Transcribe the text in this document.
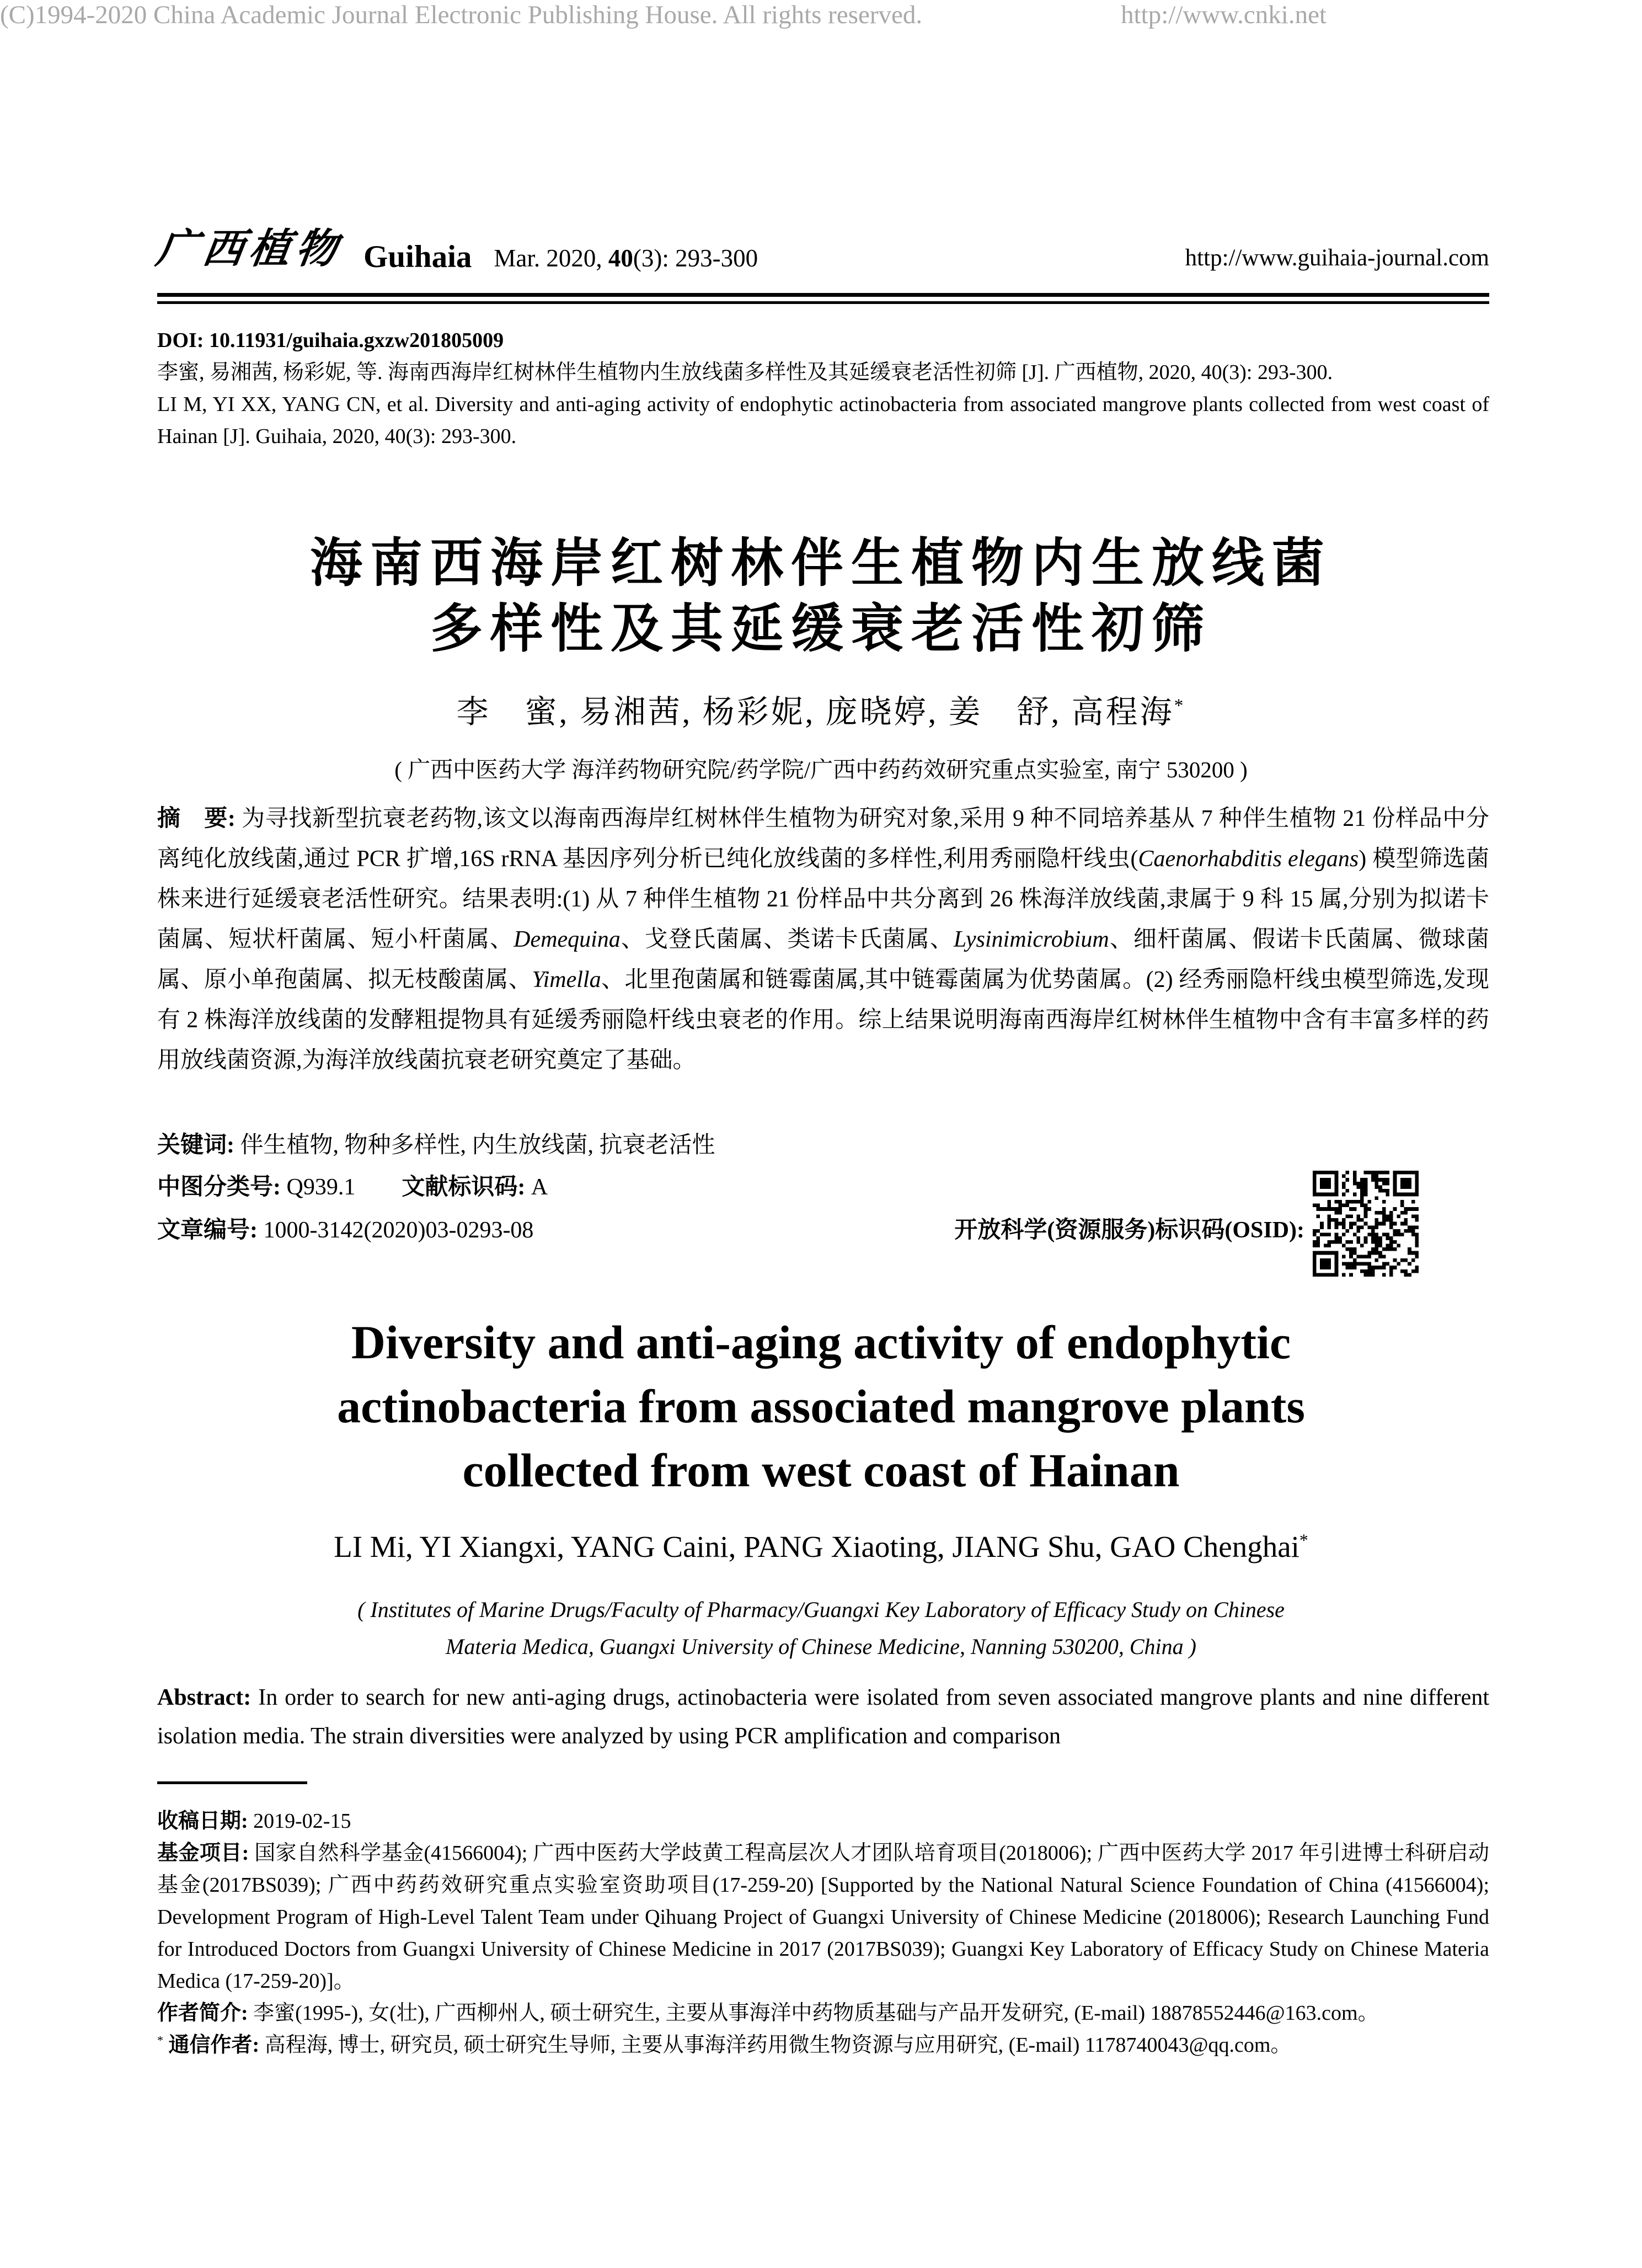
广西植物 Guihaia Mar. 2020, 40(3): 293-300	http://www.guihaia-journal.com

DOI: 10.11931/guihaia.gxzw201805009

李蜜, 易湘茜, 杨彩妮, 等. 海南西海岸红树林伴生植物内生放线菌多样性及其延缓衰老活性初筛 [J]. 广西植物, 2020, 40(3): 293-300.

LI M, YI XX, YANG CN, et al. Diversity and anti-aging activity of endophytic actinobacteria from associated mangrove plants collected from west coast of Hainan [J]. Guihaia, 2020, 40(3): 293-300.

海南西海岸红树林伴生植物内生放线菌
多样性及其延缓衰老活性初筛
李　蜜, 易湘茜, 杨彩妮, 庞晓婷, 姜　舒, 高程海*
( 广西中医药大学 海洋药物研究院/药学院/广西中药药效研究重点实验室, 南宁 530200 )

摘　要: 为寻找新型抗衰老药物,该文以海南西海岸红树林伴生植物为研究对象,采用 9 种不同培养基从 7 种伴生植物 21 份样品中分离纯化放线菌,通过 PCR 扩增,16S rRNA 基因序列分析已纯化放线菌的多样性,利用秀丽隐杆线虫(Caenorhabditis elegans) 模型筛选菌株来进行延缓衰老活性研究。结果表明:(1) 从 7 种伴生植物 21 份样品中共分离到 26 株海洋放线菌,隶属于 9 科 15 属,分别为拟诺卡菌属、短状杆菌属、短小杆菌属、Demequina、戈登氏菌属、类诺卡氏菌属、Lysinimicrobium、细杆菌属、假诺卡氏菌属、微球菌属、原小单孢菌属、拟无枝酸菌属、Yimella、北里孢菌属和链霉菌属,其中链霉菌属为优势菌属。(2) 经秀丽隐杆线虫模型筛选,发现有 2 株海洋放线菌的发酵粗提物具有延缓秀丽隐杆线虫衰老的作用。综上结果说明海南西海岸红树林伴生植物中含有丰富多样的药用放线菌资源,为海洋放线菌抗衰老研究奠定了基础。

关键词: 伴生植物, 物种多样性, 内生放线菌, 抗衰老活性

中图分类号: Q939.1　　 文献标识码: A

文章编号: 1000-3142(2020)03-0293-08	开放科学(资源服务)标识码(OSID):
Diversity and anti-aging activity of endophytic
actinobacteria from associated mangrove plants
collected from west coast of Hainan
LI Mi, YI Xiangxi, YANG Caini, PANG Xiaoting, JIANG Shu, GAO Chenghai*
( Institutes of Marine Drugs/Faculty of Pharmacy/Guangxi Key Laboratory of Efficacy Study on Chinese
Materia Medica, Guangxi University of Chinese Medicine, Nanning 530200, China )

Abstract: In order to search for new anti-aging drugs, actinobacteria were isolated from seven associated mangrove plants and nine different isolation media. The strain diversities were analyzed by using PCR amplification and comparison

收稿日期: 2019-02-15

基金项目: 国家自然科学基金(41566004); 广西中医药大学歧黄工程高层次人才团队培育项目(2018006); 广西中医药大学 2017 年引进博士科研启动基金(2017BS039); 广西中药药效研究重点实验室资助项目(17-259-20) [Supported by the National Natural Science Foundation of China (41566004); Development Program of High-Level Talent Team under Qihuang Project of Guangxi University of Chinese Medicine (2018006); Research Launching Fund for Introduced Doctors from Guangxi University of Chinese Medicine in 2017 (2017BS039); Guangxi Key Laboratory of Efficacy Study on Chinese Materia Medica (17-259-20)]。

作者简介: 李蜜(1995-), 女(壮), 广西柳州人, 硕士研究生, 主要从事海洋中药物质基础与产品开发研究, (E-mail) 18878552446@163.com。

* 通信作者: 高程海, 博士, 研究员, 硕士研究生导师, 主要从事海洋药用微生物资源与应用研究, (E-mail) 1178740043@qq.com。

(C)1994-2020 China Academic Journal Electronic Publishing House. All rights reserved.	http://www.cnki.net
